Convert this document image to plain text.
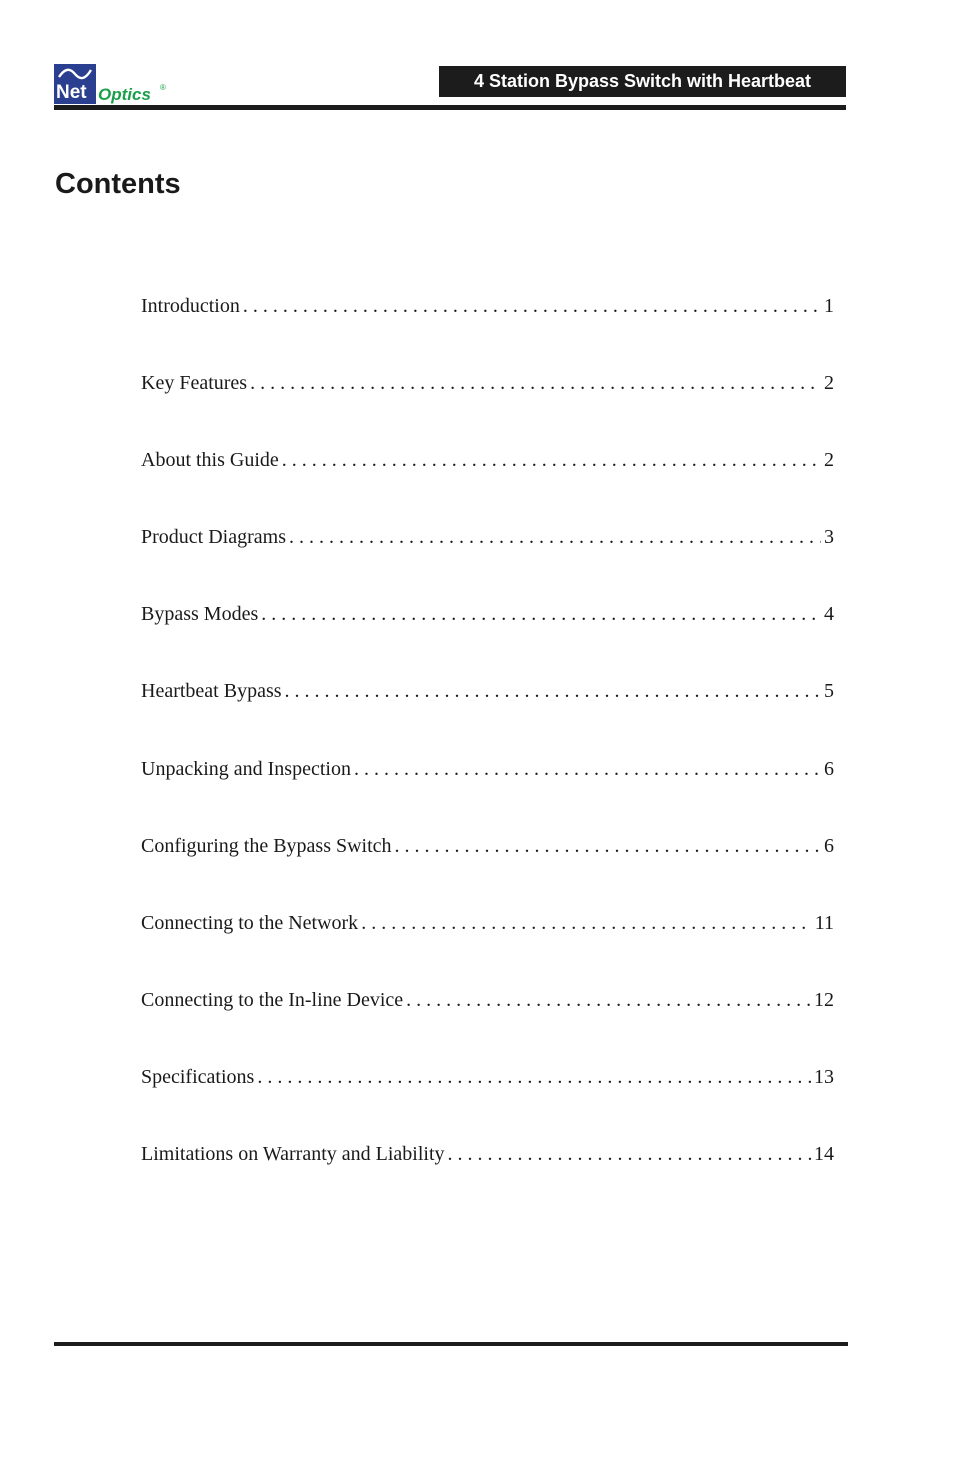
Net Optics ®	4 Station Bypass Switch with Heartbeat
Contents
Introduction . . .	1
Key Features . . .	2
About this Guide . . .	2
Product Diagrams . . .	3
Bypass Modes . . .	4
Heartbeat Bypass . . .	5
Unpacking and Inspection . . .	6
Configuring the Bypass Switch . . .	6
Connecting to the Network . . .	11
Connecting to the In-line Device . . .	12
Specifications . . .	13
Limitations on Warranty and Liability . . .	14
